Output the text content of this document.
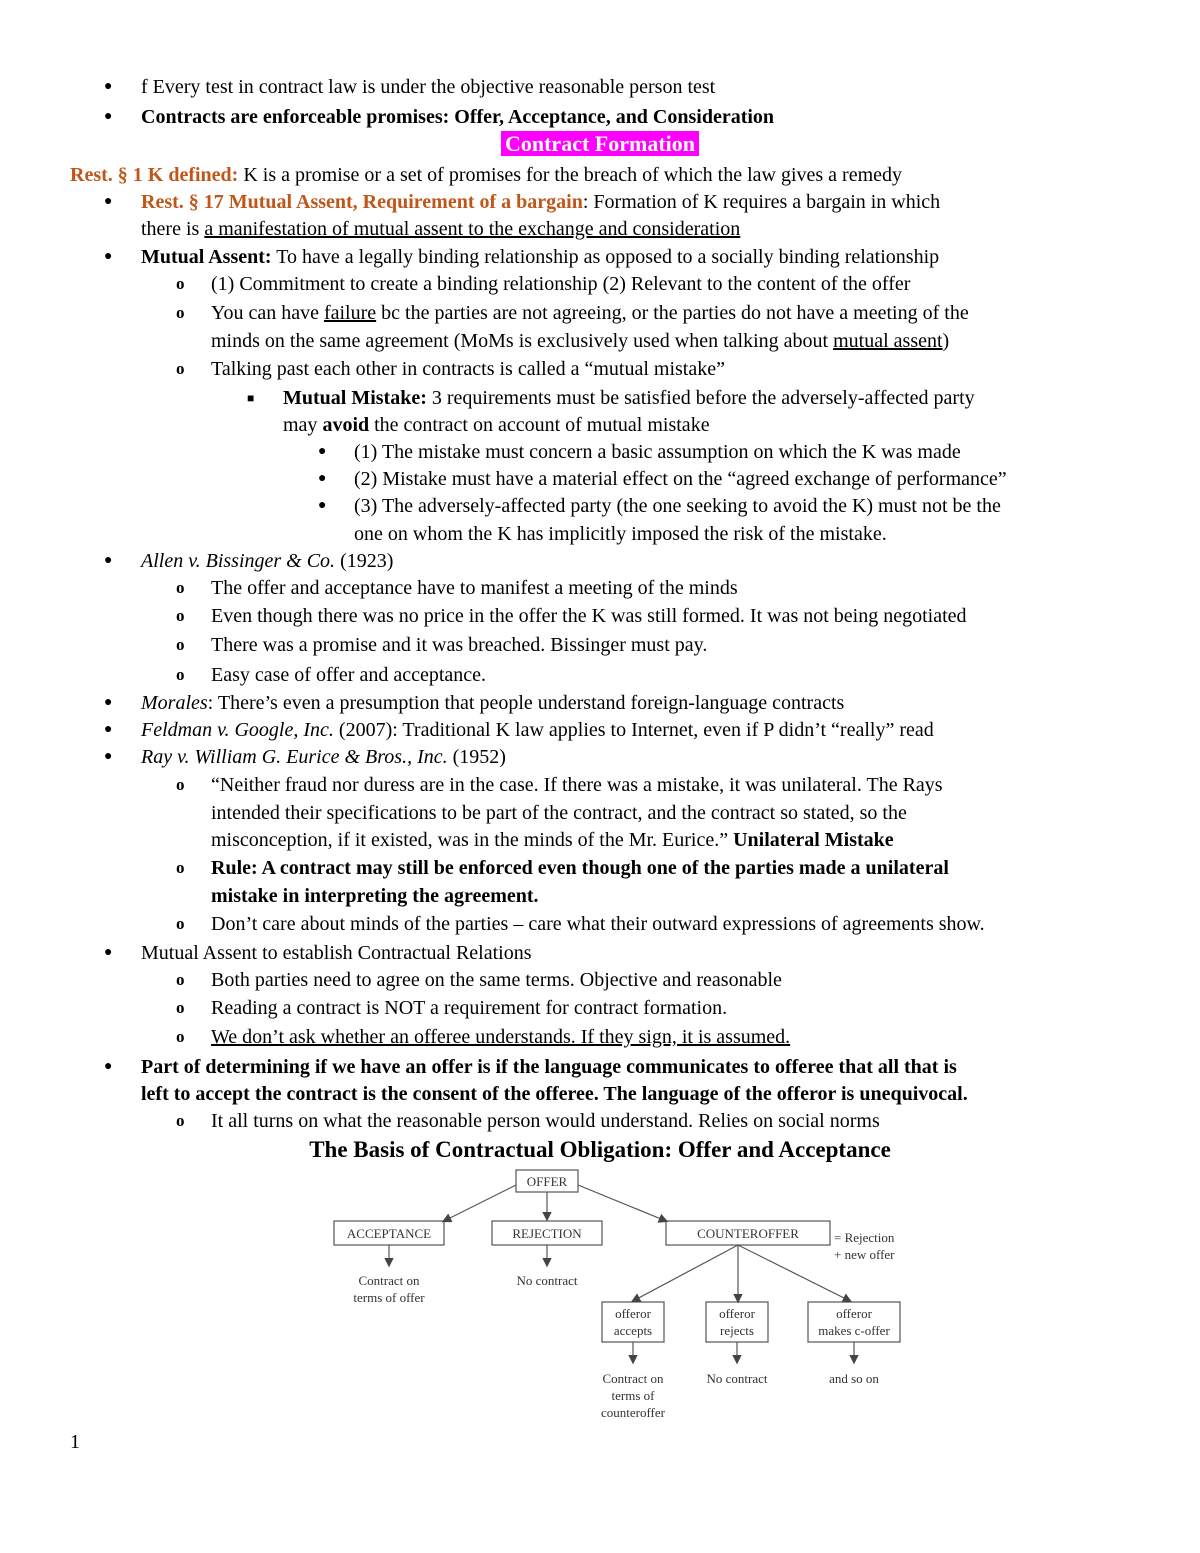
● f Every test in contract law is under the objective reasonable person test
● Contracts are enforceable promises: Offer, Acceptance, and Consideration
Contract Formation
Rest. § 1 K defined: K is a promise or a set of promises for the breach of which the law gives a remedy
● Rest. § 17 Mutual Assent, Requirement of a bargain: Formation of K requires a bargain in which
there is a manifestation of mutual assent to the exchange and consideration
● Mutual Assent: To have a legally binding relationship as opposed to a socially binding relationship
o (1) Commitment to create a binding relationship (2) Relevant to the content of the offer
o You can have failure bc the parties are not agreeing, or the parties do not have a meeting of the
minds on the same agreement (MoMs is exclusively used when talking about mutual assent)
o Talking past each other in contracts is called a “mutual mistake”
■ Mutual Mistake: 3 requirements must be satisfied before the adversely-affected party
may avoid the contract on account of mutual mistake
● (1) The mistake must concern a basic assumption on which the K was made
● (2) Mistake must have a material effect on the “agreed exchange of performance”
● (3) The adversely-affected party (the one seeking to avoid the K) must not be the
one on whom the K has implicitly imposed the risk of the mistake.
● Allen v. Bissinger & Co. (1923)
o The offer and acceptance have to manifest a meeting of the minds
o Even though there was no price in the offer the K was still formed. It was not being negotiated
o There was a promise and it was breached. Bissinger must pay.
o Easy case of offer and acceptance.
● Morales: There’s even a presumption that people understand foreign-language contracts
● Feldman v. Google, Inc. (2007): Traditional K law applies to Internet, even if P didn’t “really” read
● Ray v. William G. Eurice & Bros., Inc. (1952)
o “Neither fraud nor duress are in the case. If there was a mistake, it was unilateral. The Rays
intended their specifications to be part of the contract, and the contract so stated, so the
misconception, if it existed, was in the minds of the Mr. Eurice.” Unilateral Mistake
o Rule: A contract may still be enforced even though one of the parties made a unilateral
mistake in interpreting the agreement.
o Don’t care about minds of the parties – care what their outward expressions of agreements show.
● Mutual Assent to establish Contractual Relations
o Both parties need to agree on the same terms. Objective and reasonable
o Reading a contract is NOT a requirement for contract formation.
o We don’t ask whether an offeree understands. If they sign, it is assumed.
● Part of determining if we have an offer is if the language communicates to offeree that all that is
left to accept the contract is the consent of the offeree. The language of the offeror is unequivocal.
o It all turns on what the reasonable person would understand. Relies on social norms
The Basis of Contractual Obligation: Offer and Acceptance
OFFER
ACCEPTANCE	REJECTION	COUNTEROFFER
Contract on
terms of offer
No contract
offeror
accepts
offeror
rejects
offeror
makes c-offer
Contract on
terms of
counteroffer
No contract	and so on
= Rejection
+ new offer
1
